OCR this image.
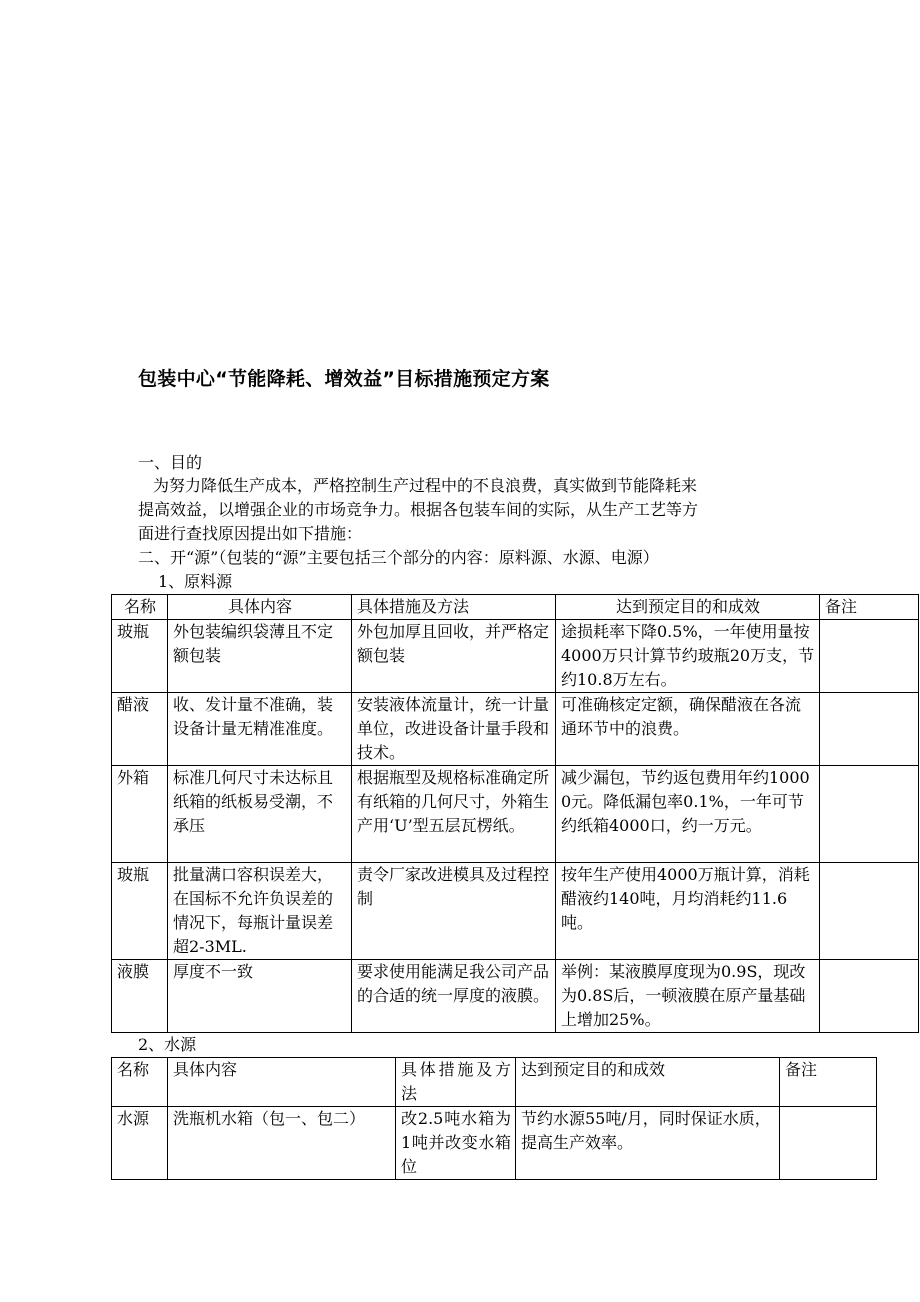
包装中心“节能降耗、增效益”目标措施预定方案
一、目的
为努力降低生产成本，严格控制生产过程中的不良浪费，真实做到节能降耗来
提高效益，以增强企业的市场竞争力。根据各包装车间的实际，从生产工艺等方
面进行查找原因提出如下措施：
二、开“源”（包装的“源”主要包括三个部分的内容：原料源、水源、电源）
1、原料源
名称	具体内容	具体措施及方法	达到预定目的和成效	备注
玻瓶	外包装编织袋薄且不定额包装	外包加厚且回收，并严格定额包装	途损耗率下降0.5%，一年使用量按4000万只计算节约玻瓶20万支，节约10.8万左右。	
醋液	收、发计量不准确，装设备计量无精准准度。	安装液体流量计，统一计量单位，改进设备计量手段和技术。	可准确核定定额，确保醋液在各流通环节中的浪费。	
外箱	标准几何尺寸未达标且纸箱的纸板易受潮，不承压	根据瓶型及规格标准确定所有纸箱的几何尺寸，外箱生产用‘U’型五层瓦楞纸。	减少漏包，节约返包费用年约10000元。降低漏包率0.1%，一年可节约纸箱4000口，约一万元。	
玻瓶	批量满口容积误差大，在国标不允许负误差的情况下，每瓶计量误差超2-3ML.	责令厂家改进模具及过程控制	按年生产使用4000万瓶计算，消耗醋液约140吨，月均消耗约11.6吨。	
液膜	厚度不一致	要求使用能满足我公司产品的合适的统一厚度的液膜。	举例：某液膜厚度现为0.9S，现改为0.8S后，一顿液膜在原产量基础上增加25%。	
2、水源
名称	具体内容	具体措施及方法	达到预定目的和成效	备注
水源	洗瓶机水箱（包一、包二）	改2.5吨水箱为1吨并改变水箱位	节约水源55吨/月，同时保证水质，提高生产效率。	
